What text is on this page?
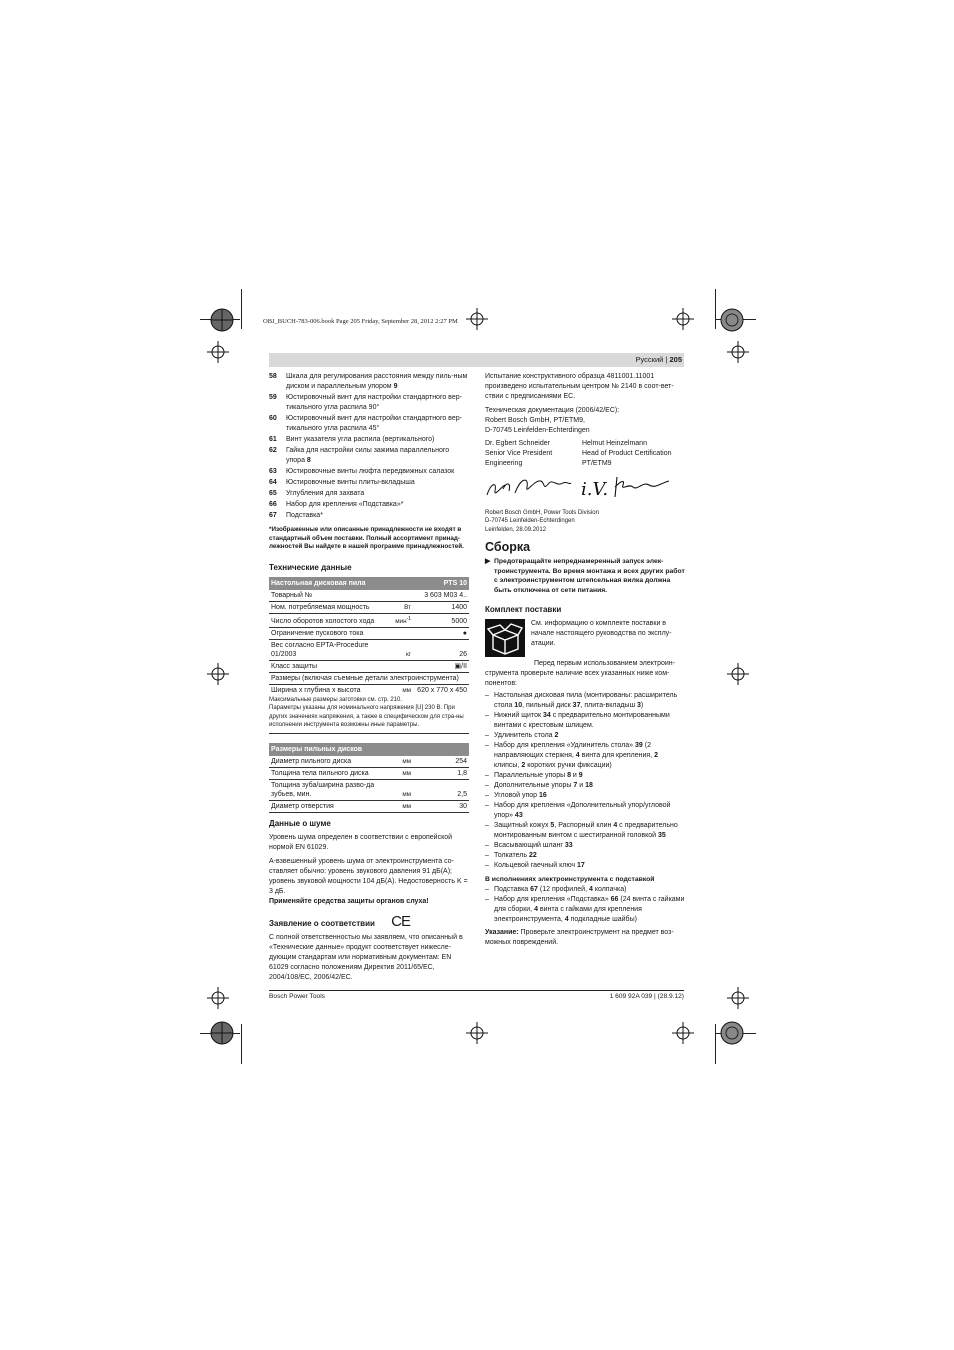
OBJ_BUCH-783-006.book Page 205 Friday, September 28, 2012 2:27 PM
Русский | 205
58 Шкала для регулирования расстояния между пиль-ным диском и параллельным упором 9
59 Юстировочный винт для настройки стандартного вер-тикального угла распила 90°
60 Юстировочный винт для настройки стандартного вер-тикального угла распила 45°
61 Винт указателя угла распила (вертикального)
62 Гайка для настройки силы зажима параллельного упора 8
63 Юстировочные винты люфта передвижных салазок
64 Юстировочные винты плиты-вкладыша
65 Углубления для захвата
66 Набор для крепления «Подставка»*
67 Подставка*
*Изображенные или описанные принадлежности не входят в стандартный объем поставки. Полный ассортимент принад-лежностей Вы найдете в нашей программе принадлежностей.
Технические данные
Настольная дисковая пила		PTS 10
Товарный №		3 603 M03 4..
Ном. потребляемая мощность	Вт	1400
Число оборотов холостого хода	мин$^{-1}$	5000
Ограничение пускового тока		●
Вес согласно EPTA-Procedure 01/2003	кг	26
Класс защиты		▣/II
Размеры (включая съемные детали электроинструмента)		
Ширина x глубина x высота	мм	620 x 770 x 450
Максимальные размеры заготовки см. стр. 210.
Параметры указаны для номинального напряжения [U] 230 В. При других значениях напряжения, а также в специфическом для стра-ны исполнении инструмента возможны иные параметры.
Размеры пильных дисков		
Диаметр пильного диска	мм	254
Толщина тела пильного диска	мм	1,8
Толщина зуба/ширина разво-да зубьев, мин.	мм	2,5
Диаметр отверстия	мм	30
Данные о шуме

Уровень шума определен в соответствии с европейской нормой EN 61029.

А-взвешенный уровень шума от электроинструмента со-ставляет обычно: уровень звукового давления 91 дБ(A); уровень звуковой мощности 104 дБ(A). Недостоверность K = 3 дБ.

Применяйте средства защиты органов слуха!

Заявление о соответствии CE

С полной ответственностью мы заявляем, что описанный в «Технические данные» продукт соответствует нижесле-дующим стандартам или нормативным документам: EN 61029 согласно положениям Директив 2011/65/EC, 2004/108/EC, 2006/42/EC.

Испытание конструктивного образца 4811001.11001 произведено испытательным центром № 2140 в соот-вет-ствии с предписаниями ЕС.

Техническая документация (2006/42/EC):
Robert Bosch GmbH, PT/ETM9,
D-70745 Leinfelden-Echterdingen
Dr. Egbert Schneider
Senior Vice President
Engineering
Helmut Heinzelmann
Head of Product Certification
PT/ETM9
i.V.
Robert Bosch GmbH, Power Tools Division
D-70745 Leinfelden-Echterdingen
Leinfelden, 28.09.2012
Сборка
▶ Предотвращайте непреднамеренный запуск элек-троинструмента. Во время монтажа и всех других работ с электроинструментом штепсельная вилка должна быть отключена от сети питания.
Комплект поставки
См. информацию о комплекте поставки в начале настоящего руководства по эксплу-атации.
Перед первым использованием электроин-струмента проверьте наличие всех указанных ниже ком-понентов:
– Настольная дисковая пила (монтированы: расширитель стола 10, пильный диск 37, плита-вкладыш 3)
– Нижний щиток 34 с предварительно монтированными винтами с крестовым шлицем.
– Удлинитель стола 2
– Набор для крепления «Удлинитель стола» 39 (2 направляющих стержня, 4 винта для крепления, 2 клипсы, 2 коротких ручки фиксации)
– Параллельные упоры 8 и 9
– Дополнительные упоры 7 и 18
– Угловой упор 16
– Набор для крепления «Дополнительный упор/угловой упор» 43
– Защитный кожух 5, Распорный клин 4 с предварительно монтированным винтом с шестигранной головкой 35
– Всасывающий шланг 33
– Толкатель 22
– Кольцевой гаечный ключ 17
В исполнениях электроинструмента с подставкой
– Подставка 67 (12 профилей, 4 колпачка)
– Набор для крепления «Подставка» 66 (24 винта с гайками для сборки, 4 винта с гайками для крепления электроинструмента, 4 подкладные шайбы)

Указание: Проверьте электроинструмент на предмет воз-можных повреждений.

Bosch Power Tools	1 609 92A 039 | (28.9.12)
